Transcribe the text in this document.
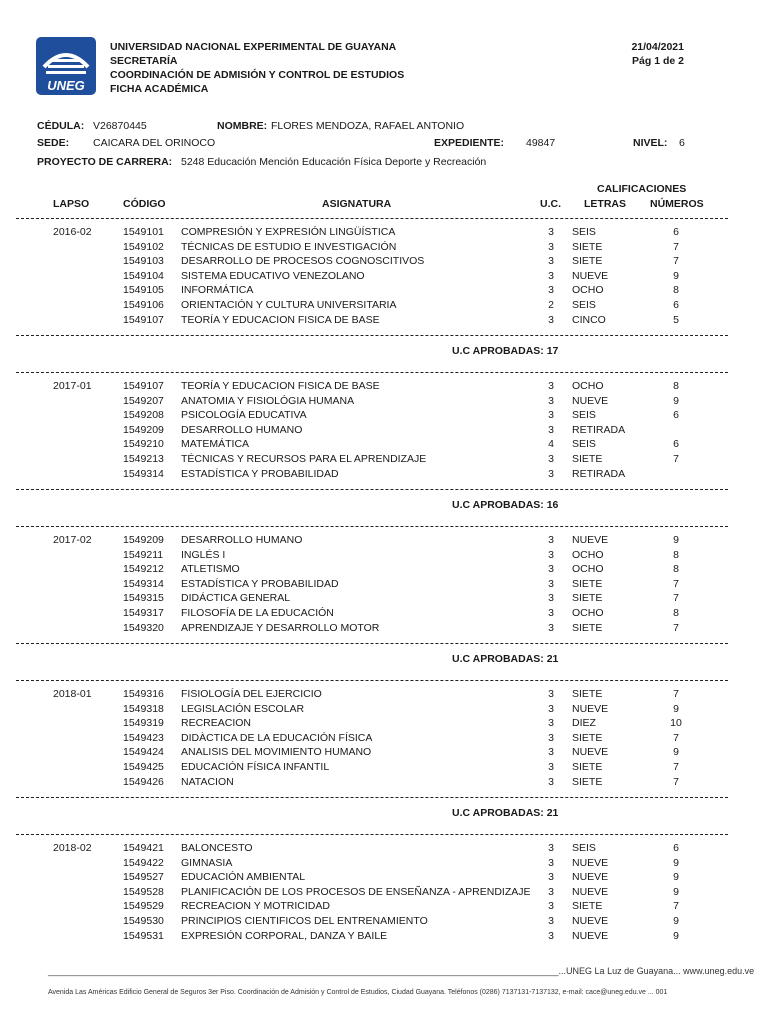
UNEG
UNIVERSIDAD NACIONAL EXPERIMENTAL DE GUAYANA
SECRETARÍA
COORDINACIÓN DE ADMISIÓN Y CONTROL DE ESTUDIOS
FICHA ACADÉMICA
21/04/2021
Pág 1 de 2
CÉDULA: V26870445	NOMBRE: FLORES MENDOZA, RAFAEL ANTONIO
SEDE: CAICARA DEL ORINOCO	EXPEDIENTE: 49847	NIVEL: 6
PROYECTO DE CARRERA: 5248 Educación Mención Educación Física Deporte y Recreación
CALIFICACIONES
LAPSO	CÓDIGO	ASIGNATURA	U.C. LETRAS NÚMEROS
2016-02	1549101 COMPRESIÓN Y EXPRESIÓN LINGÜÍSTICA	3 SEIS	6
1549102 TÉCNICAS DE ESTUDIO E INVESTIGACIÓN	3 SIETE	7
1549103 DESARROLLO DE PROCESOS COGNOSCITIVOS	3 SIETE	7
1549104 SISTEMA EDUCATIVO VENEZOLANO	3 NUEVE	9
1549105 INFORMÁTICA	3 OCHO	8
1549106 ORIENTACIÓN Y CULTURA UNIVERSITARIA	2 SEIS	6
1549107 TEORÍA Y EDUCACION FISICA DE BASE	3 CINCO	5
U.C APROBADAS: 17
2017-01	1549107 TEORÍA Y EDUCACION FISICA DE BASE	3 OCHO	8
1549207 ANATOMIA Y FISIOLÓGIA HUMANA	3 NUEVE	9
1549208 PSICOLOGÍA EDUCATIVA	3 SEIS	6
1549209 DESARROLLO HUMANO	3 RETIRADA
1549210 MATEMÁTICA	4 SEIS	6
1549213 TÉCNICAS Y RECURSOS PARA EL APRENDIZAJE	3 SIETE	7
1549314 ESTADÍSTICA Y PROBABILIDAD	3 RETIRADA
U.C APROBADAS: 16
2017-02	1549209 DESARROLLO HUMANO	3 NUEVE	9
1549211 INGLÉS I	3 OCHO	8
1549212 ATLETISMO	3 OCHO	8
1549314 ESTADÍSTICA Y PROBABILIDAD	3 SIETE	7
1549315 DIDÁCTICA GENERAL	3 SIETE	7
1549317 FILOSOFÍA DE LA EDUCACIÓN	3 OCHO	8
1549320 APRENDIZAJE Y DESARROLLO MOTOR	3 SIETE	7
U.C APROBADAS: 21
2018-01	1549316 FISIOLOGÍA DEL EJERCICIO	3 SIETE	7
1549318 LEGISLACIÓN ESCOLAR	3 NUEVE	9
1549319 RECREACION	3 DIEZ	10
1549423 DIDÀCTICA DE LA EDUCACIÓN FÍSICA	3 SIETE	7
1549424 ANALISIS DEL MOVIMIENTO HUMANO	3 NUEVE	9
1549425 EDUCACIÓN FÍSICA INFANTIL	3 SIETE	7
1549426 NATACION	3 SIETE	7
U.C APROBADAS: 21
2018-02	1549421 BALONCESTO	3 SEIS	6
1549422 GIMNASIA	3 NUEVE	9
1549527 EDUCACIÓN AMBIENTAL	3 NUEVE	9
1549528 PLANIFICACIÓN DE LOS PROCESOS DE ENSEÑANZA - APRENDIZAJE 3 NUEVE	9
1549529 RECREACION Y MOTRICIDAD	3 SIETE	7
1549530 PRINCIPIOS CIENTIFICOS DEL ENTRENAMIENTO	3 NUEVE	9
1549531 EXPRESIÓN CORPORAL, DANZA Y BAILE	3 NUEVE	9
______________________________________________________________________________________________________...UNEG La Luz de Guayana... www.uneg.edu.ve
Avenida Las Américas Edificio General de Seguros 3er Piso. Coordinación de Admisión y Control de Estudios, Ciudad Guayana. Teléfonos (0286) 7137131-7137132, e-mail: cace@uneg.edu.ve ... 001
